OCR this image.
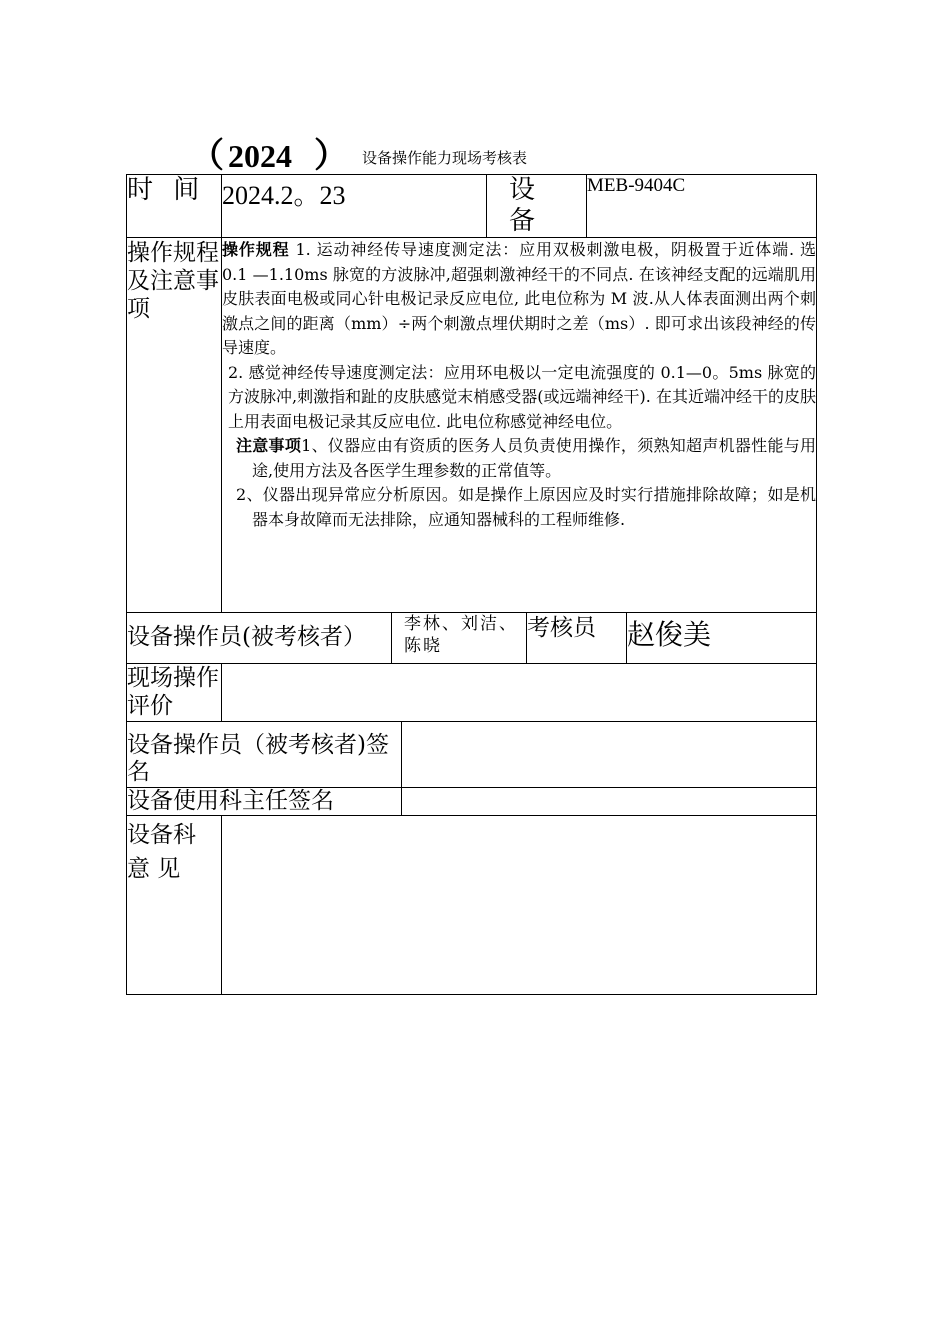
（ 2024 ） 设备操作能力现场考核表
时 间	2024.2。23			设 备		MEB-9404C	
操作规程及注意事项	操作规程 1. 运动神经传导速度测定法：应用双极刺激电极，阴极置于近体端. 选 0.1 —1.10ms 脉宽的方波脉冲,超强刺激神经干的不同点. 在该神经支配的远端肌用皮肤表面电极或同心针电极记录反应电位, 此电位称为 M 波.从人体表面测出两个刺激点之间的距离（mm）÷两个刺激点埋伏期时之差（ms）. 即可求出该段神经的传导速度。

2. 感觉神经传导速度测定法：应用环电极以一定电流强度的 0.1—0。5ms 脉宽的方波脉冲,刺激指和趾的皮肤感觉末梢感受器(或远端神经干). 在其近端冲经干的皮肤上用表面电极记录其反应电位. 此电位称感觉神经电位。

注意事项1、仪器应由有资质的医务人员负责使用操作，须熟知超声机器性能与用途,使用方法及各医学生理参数的正常值等。

2、仪器出现异常应分析原因。如是操作上原因应及时实行措施排除故障；如是机器本身故障而无法排除，应通知器械科的工程师维修.						

设备操作员(被考核者）		李林、刘洁、陈晓			考核员		赵俊美
现场操作评价							
设备操作员（被考核者)签名							
设备使用科主任签名							

设备科
意 见							
